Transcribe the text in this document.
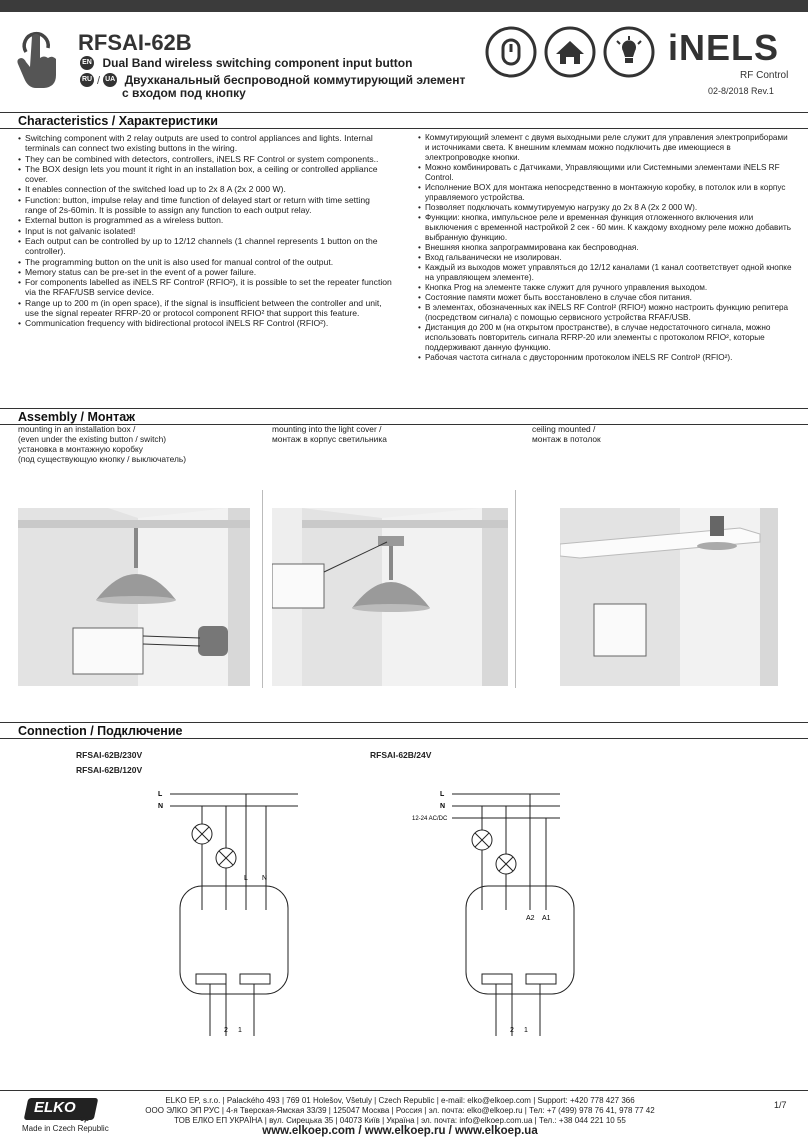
RFSAI-62B
EN Dual Band wireless switching component input button
RU / UA Двухканальный беспроводной коммутирующий элемент
с входом под кнопку
iNELS
RF Control
02-8/2018 Rev.1
Characteristics / Характеристики
• Switching component with 2 relay outputs are used to control appliances and lights. Internal terminals can connect two existing buttons in the wiring.
• They can be combined with detectors, controllers, iNELS RF Control or system components..
• The BOX design lets you mount it right in an installation box, a ceiling or controlled appliance cover.
• It enables connection of the switched load up to 2x 8 A (2x 2 000 W).
• Function: button, impulse relay and time function of delayed start or return with time setting range of 2s-60min. It is possible to assign any function to each output relay.
• External button is programmed as a wireless button.
• Input is not galvanic isolated!
• Each output can be controlled by up to 12/12 channels (1 channel represents 1 button on the controller).
• The programming button on the unit is also used for manual control of the output.
• Memory status can be pre-set in the event of a power failure.
• For components labelled as iNELS RF Control² (RFIO²), it is possible to set the repeater function via the RFAF/USB service device.
• Range up to 200 m (in open space), if the signal is insufficient between the controller and unit, use the signal repeater RFRP-20 or protocol component RFIO² that support this feature.
• Communication frequency with bidirectional protocol iNELS RF Control (RFIO²).
• Коммутирующий элемент с двумя выходными реле служит для управления электроприборами и источниками света. К внешним клеммам можно подключить две имеющиеся в электропроводке кнопки.
• Можно комбинировать с Датчиками, Управляющими или Системными элементами iNELS RF Control.
• Исполнение BOX для монтажа непосредственно в монтажную коробку, в потолок или в корпус управляемого устройства.
• Позволяет подключать коммутируемую нагрузку до 2x 8 A (2x 2 000 W).
• Функции: кнопка, импульсное реле и временная функция отложенного включения или выключения с временной настройкой 2 сек - 60 мин. К каждому входному реле можно добавить выбранную функцию.
• Внешняя кнопка запрограммирована как беспроводная.
• Вход гальванически не изолирован.
• Каждый из выходов может управляться до 12/12 каналами (1 канал соответствует одной кнопке на управляющем элементе).
• Кнопка Prog на элементе также служит для ручного управления выходом.
• Состояние памяти может быть восстановлено в случае сбоя питания.
• В элементах, обозначенных как iNELS RF Control² (RFIO²) можно настроить функцию репитера (посредством сигнала) с помощью сервисного устройства RFAF/USB.
• Дистанция до 200 м (на открытом пространстве), в случае недостаточного сигнала, можно использовать повторитель сигнала RFRP-20 или элементы с протоколом RFIO², которые поддерживают данную функцию.
• Рабочая частота сигнала с двусторонним протоколом iNELS RF Control² (RFIO²).
Assembly / Монтаж
mounting in an installation box /
(even under the existing button / switch)
установка в монтажную коробку
(под существующую кнопку / выключатель)
mounting into the light cover /
монтаж в корпус светильника
ceiling mounted /
монтаж в потолок
Connection / Подключение
RFSAI-62B/230V
RFSAI-62B/120V
RFSAI-62B/24V
L
N
L N
2 1
L
N
12-24 AC/DC
A2 A1
2 1
ELKO
ep
Made in Czech Republic
ELKO EP, s.r.o. | Palackého 493 | 769 01 Holešov, Všetuly | Czech Republic | e-mail: elko@elkoep.com | Support: +420 778 427 366
ООО ЭЛКО ЭП РУС | 4-я Тверская-Ямская 33/39 | 125047 Москва | Россия | эл. почта: elko@elkoep.ru | Тел: +7 (499) 978 76 41, 978 77 42
ТОВ ЕЛКО ЕП УКРАЇНА | вул. Сирецька 35 | 04073 Київ | Україна | эл. почта: info@elkoep.com.ua | Тел.: +38 044 221 10 55
www.elkoep.com / www.elkoep.ru / www.elkoep.ua
1/7
